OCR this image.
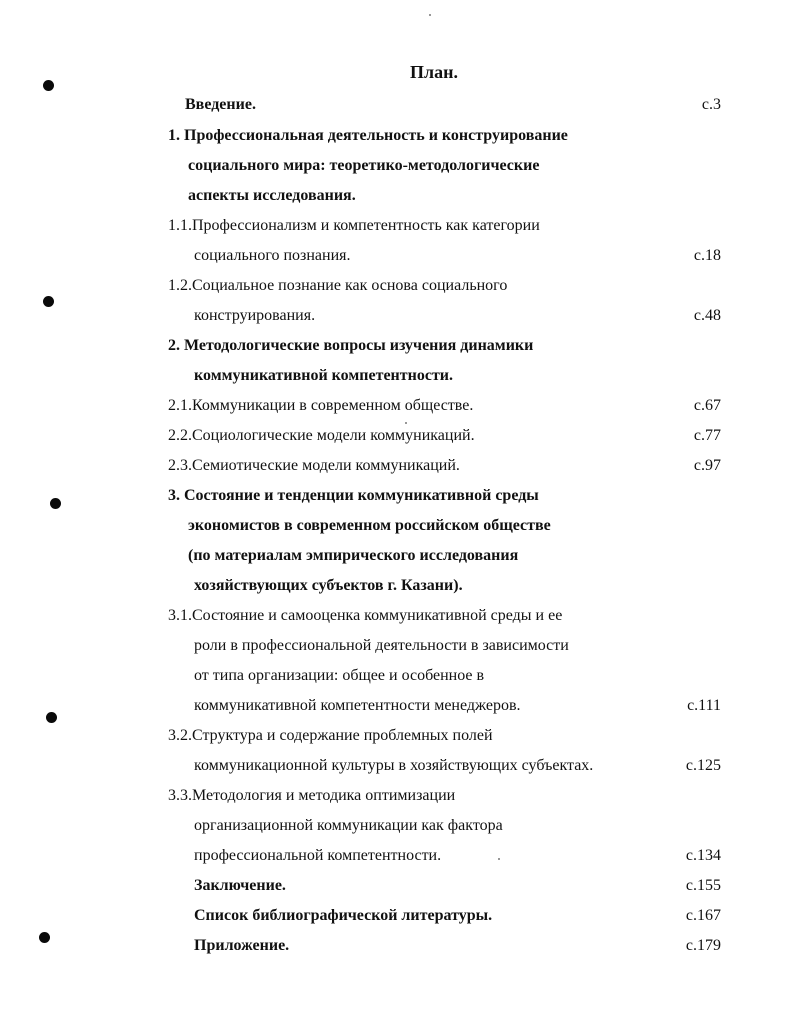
План.
Введение.	с.3
1. Профессиональная деятельность и конструирование
социального мира: теоретико-методологические
аспекты исследования.
1.1.Профессионализм и компетентность как категории
социального познания.	с.18
1.2.Социальное познание как основа социального
конструирования.	с.48
2. Методологические вопросы изучения динамики
коммуникативной компетентности.
2.1.Коммуникации в современном обществе.	с.67
2.2.Социологические модели коммуникаций.	с.77
2.3.Семиотические модели коммуникаций.	с.97
3. Состояние и тенденции коммуникативной среды
экономистов в современном российском обществе
(по материалам эмпирического исследования
хозяйствующих субъектов г. Казани).
3.1.Состояние и самооценка коммуникативной среды и ее
роли в профессиональной деятельности в зависимости
от типа организации: общее и особенное в
коммуникативной компетентности менеджеров.	с.111
3.2.Структура и содержание проблемных полей
коммуникационной культуры в хозяйствующих субъектах.	с.125
3.3.Методология и методика оптимизации
организационной коммуникации как фактора
профессиональной компетентности.	с.134
Заключение.	с.155
Список библиографической литературы.	с.167
Приложение.	с.179
